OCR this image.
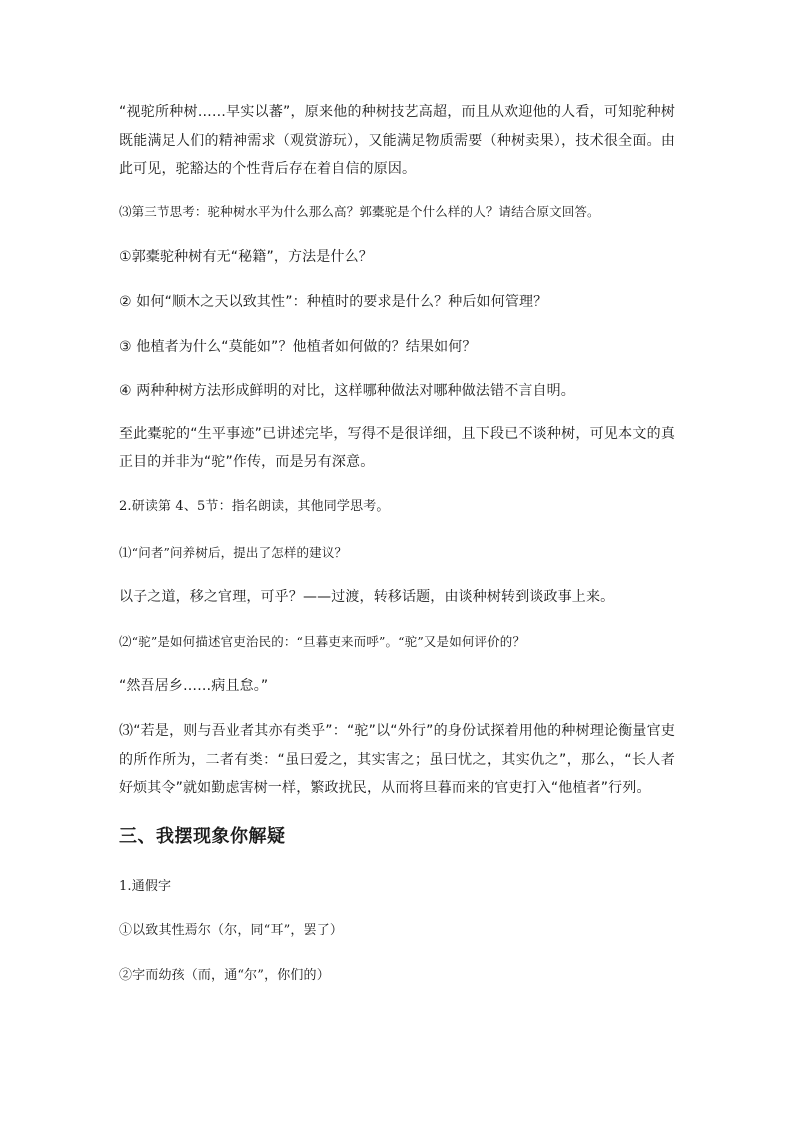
“视驼所种树……早实以蕃”，原来他的种树技艺高超，而且从欢迎他的人看，可知驼种树既能满足人们的精神需求（观赏游玩），又能满足物质需要（种树卖果），技术很全面。由此可见，驼豁达的个性背后存在着自信的原因。

⑶第三节思考：驼种树水平为什么那么高？郭橐驼是个什么样的人？请结合原文回答。

①郭橐驼种树有无“秘籍”，方法是什么？

② 如何“顺木之天以致其性”：种植时的要求是什么？种后如何管理？

③ 他植者为什么“莫能如”？他植者如何做的？结果如何？

④ 两种种树方法形成鲜明的对比，这样哪种做法对哪种做法错不言自明。

至此橐驼的“生平事迹”已讲述完毕，写得不是很详细，且下段已不谈种树，可见本文的真正目的并非为“驼”作传，而是另有深意。

2.研读第 4、5节：指名朗读，其他同学思考。

⑴“问者”问养树后，提出了怎样的建议？

以子之道，移之官理，可乎？——过渡，转移话题，由谈种树转到谈政事上来。

⑵“驼”是如何描述官吏治民的：“旦暮吏来而呼”。“驼”又是如何评价的？

“然吾居乡……病且怠。”

⑶“若是，则与吾业者其亦有类乎”：“驼”以“外行”的身份试探着用他的种树理论衡量官吏的所作所为，二者有类：“虽曰爱之，其实害之；虽曰忧之，其实仇之”，那么，“长人者好烦其令”就如勤虑害树一样，繁政扰民，从而将旦暮而来的官吏打入“他植者”行列。

三、我摆现象你解疑

1.通假字

①以致其性焉尔（尔，同“耳”，罢了）

②字而幼孩（而，通“尔”，你们的）
